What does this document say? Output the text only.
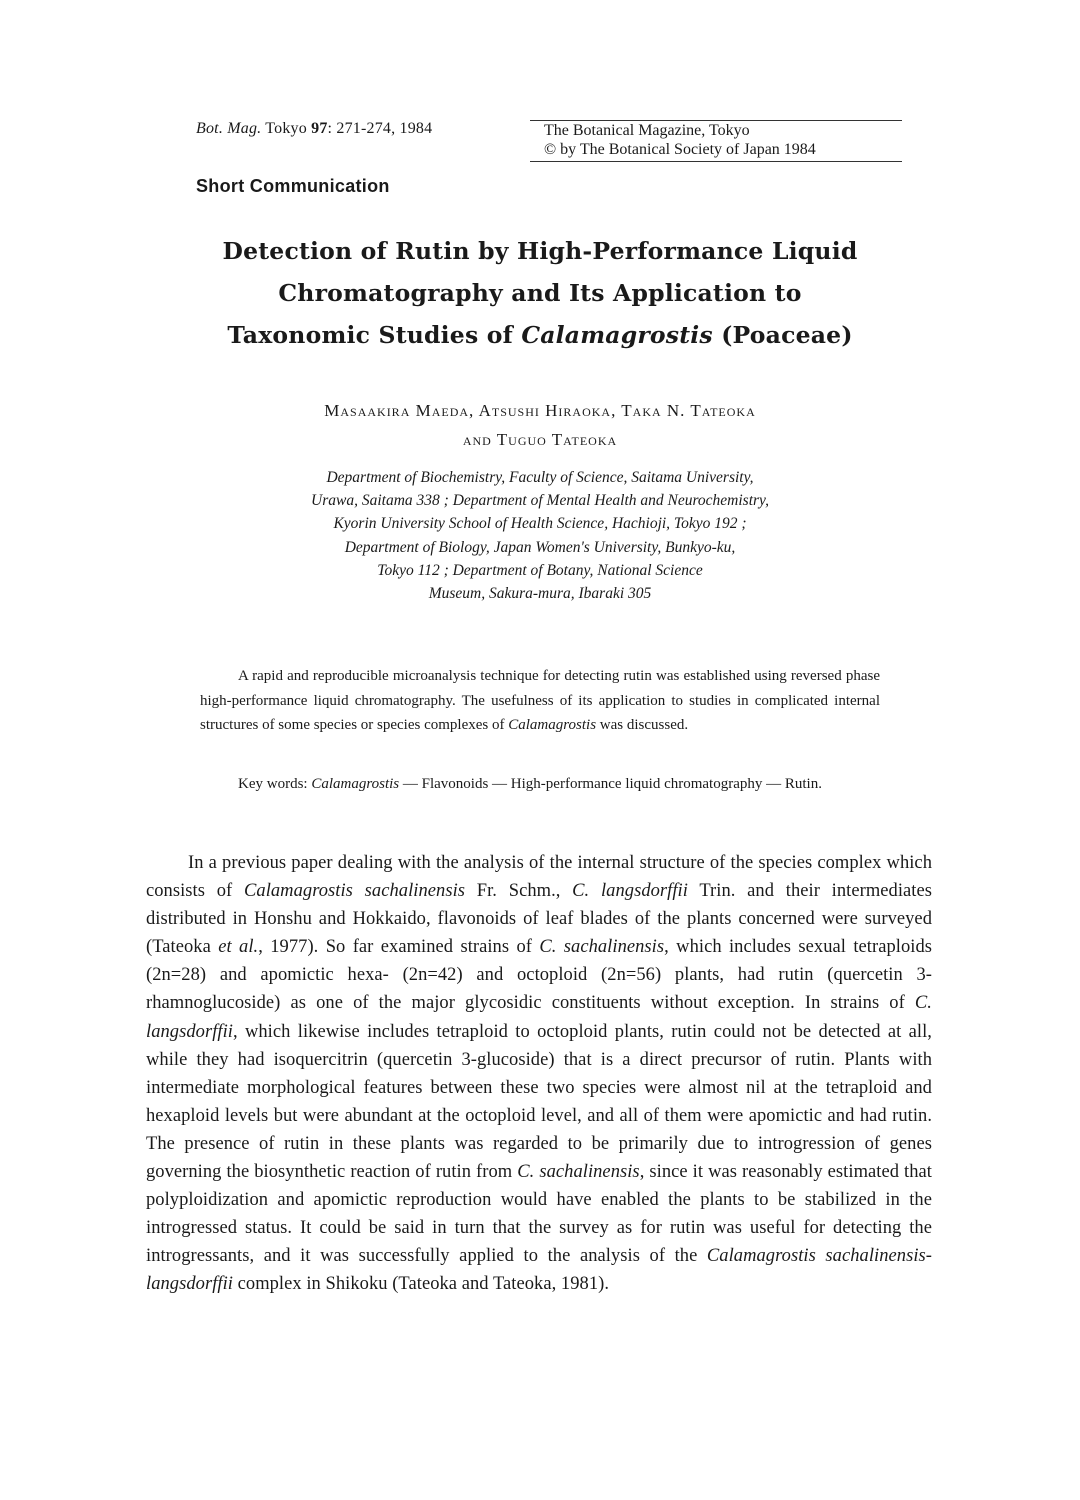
Bot. Mag. Tokyo 97: 271-274, 1984	The Botanical Magazine, Tokyo
© by The Botanical Society of Japan 1984
Short Communication
Detection of Rutin by High-Performance Liquid
Chromatography and Its Application to
Taxonomic Studies of Calamagrostis (Poaceae)
Masaakira Maeda, Atsushi Hiraoka, Taka N. Tateoka
and Tuguo Tateoka
Department of Biochemistry, Faculty of Science, Saitama University,
Urawa, Saitama 338 ; Department of Mental Health and Neurochemistry,
Kyorin University School of Health Science, Hachioji, Tokyo 192 ;
Department of Biology, Japan Women's University, Bunkyo-ku,
Tokyo 112 ; Department of Botany, National Science
Museum, Sakura-mura, Ibaraki 305
A rapid and reproducible microanalysis technique for detecting rutin was established using reversed phase high-performance liquid chromatography. The usefulness of its application to studies in complicated internal structures of some species or species complexes of Calamagrostis was discussed.
Key words: Calamagrostis — Flavonoids — High-performance liquid chromatography — Rutin.
In a previous paper dealing with the analysis of the internal structure of the species complex which consists of Calamagrostis sachalinensis Fr. Schm., C. langsdorffii Trin. and their intermediates distributed in Honshu and Hokkaido, flavonoids of leaf blades of the plants concerned were surveyed (Tateoka et al., 1977). So far examined strains of C. sachalinensis, which includes sexual tetraploids (2n=28) and apomictic hexa- (2n=42) and octoploid (2n=56) plants, had rutin (quercetin 3-rhamnoglucoside) as one of the major glycosidic constituents without exception. In strains of C. langsdorffii, which likewise includes tetraploid to octoploid plants, rutin could not be detected at all, while they had isoquercitrin (quercetin 3-glucoside) that is a direct precursor of rutin. Plants with intermediate morphological features between these two species were almost nil at the tetraploid and hexaploid levels but were abundant at the octoploid level, and all of them were apomictic and had rutin. The presence of rutin in these plants was regarded to be primarily due to introgression of genes governing the biosynthetic reaction of rutin from C. sachalinensis, since it was reasonably estimated that polyploidization and apomictic reproduction would have enabled the plants to be stabilized in the introgressed status. It could be said in turn that the survey as for rutin was useful for detecting the introgressants, and it was successfully applied to the analysis of the Calamagrostis sachalinensis-langsdorffii complex in Shikoku (Tateoka and Tateoka, 1981).
